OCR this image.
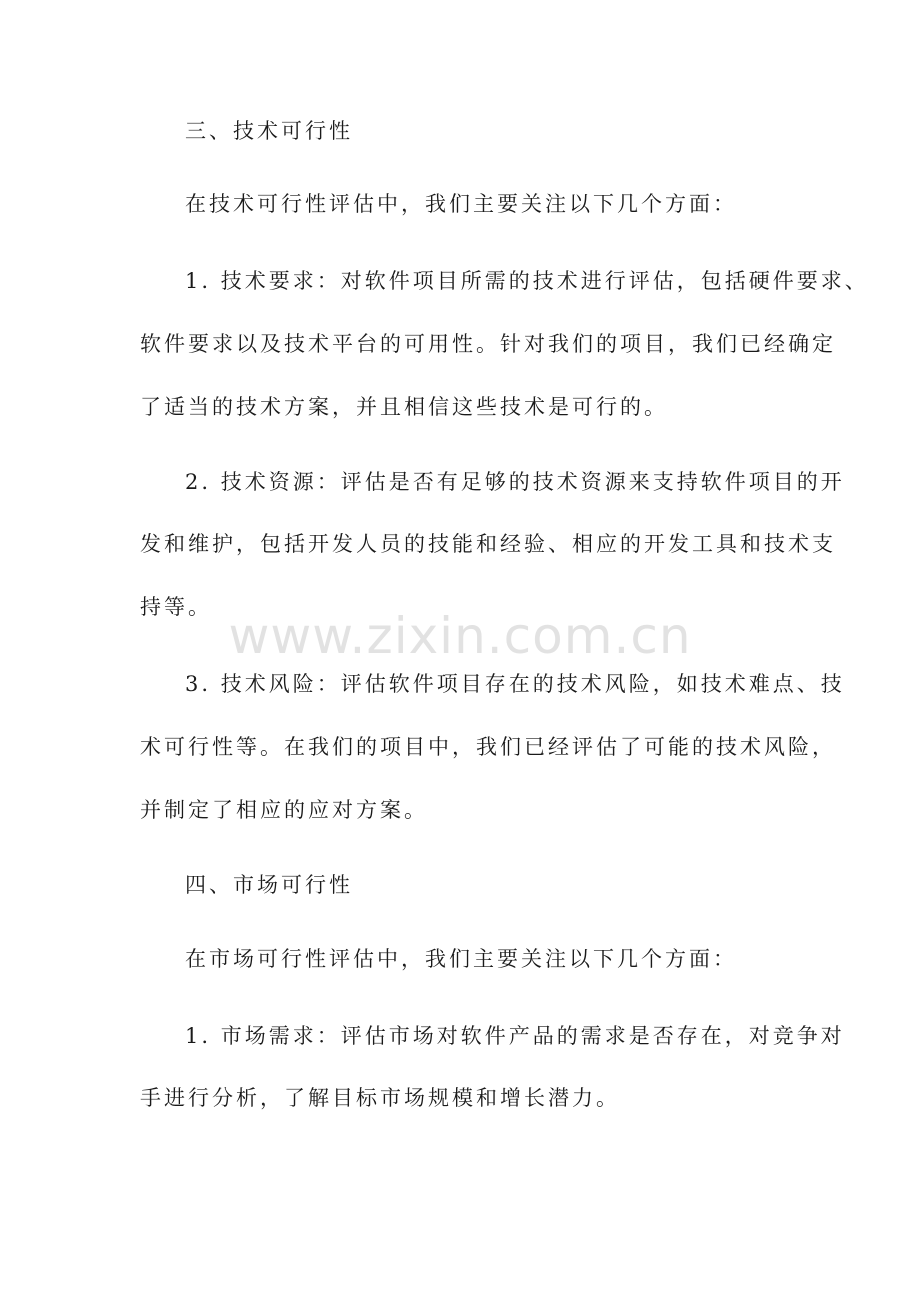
三、技术可行性
在技术可行性评估中，我们主要关注以下几个方面：
1. 技术要求：对软件项目所需的技术进行评估，包括硬件要求、
软件要求以及技术平台的可用性。针对我们的项目，我们已经确定
了适当的技术方案，并且相信这些技术是可行的。
2. 技术资源：评估是否有足够的技术资源来支持软件项目的开
发和维护，包括开发人员的技能和经验、相应的开发工具和技术支
持等。
3. 技术风险：评估软件项目存在的技术风险，如技术难点、技
术可行性等。在我们的项目中，我们已经评估了可能的技术风险，
并制定了相应的应对方案。
四、市场可行性
在市场可行性评估中，我们主要关注以下几个方面：
1. 市场需求：评估市场对软件产品的需求是否存在，对竞争对
手进行分析，了解目标市场规模和增长潜力。
www.zixin.com.cn
